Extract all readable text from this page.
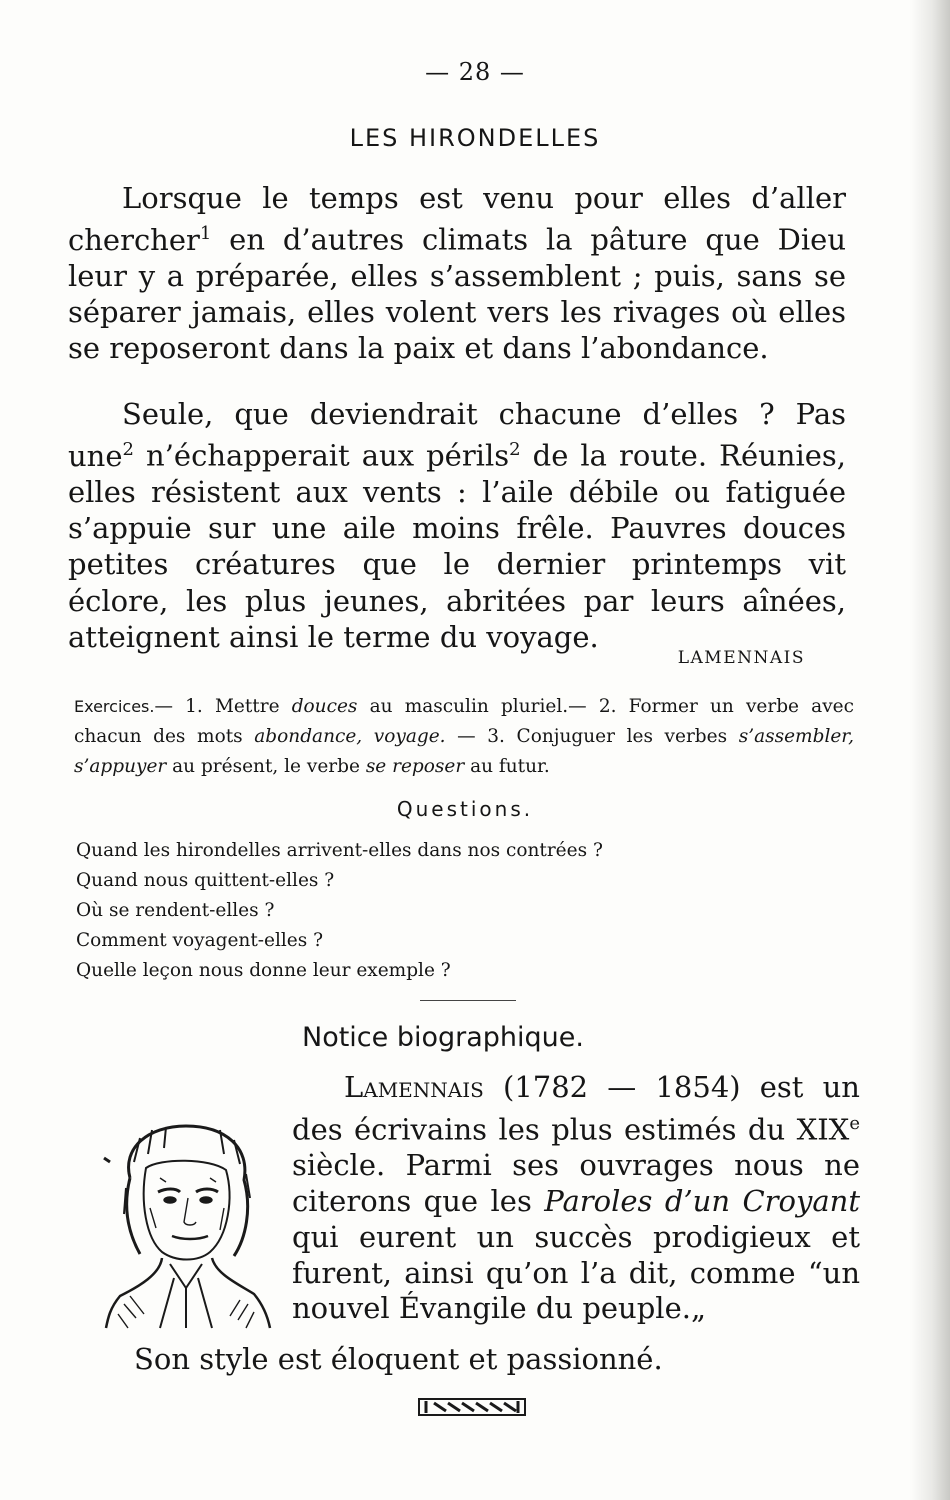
— 28 —
LES HIRONDELLES

Lorsque le temps est venu pour elles d’aller chercher$^1$ en d’autres climats la pâture que Dieu leur y a préparée, elles s’assemblent ; puis, sans se séparer jamais, elles volent vers les rivages où elles se reposeront dans la paix et dans l’abondance.

Seule, que deviendrait chacune d’elles ? Pas une$^2$ n’échapperait aux périls$^2$ de la route. Réunies, elles résistent aux vents : l’aile débile ou fatiguée s’appuie sur une aile moins frêle. Pauvres douces petites créatures que le dernier printemps vit éclore, les plus jeunes, abritées par leurs aînées, atteignent ainsi le terme du voyage.

LAMENNAIS
Exercices.— 1. Mettre douces au masculin pluriel.— 2. Former un verbe avec chacun des mots abondance, voyage. — 3. Conjuguer les verbes s’assembler, s’appuyer au présent, le verbe se reposer au futur.
Questions.
Quand les hirondelles arrivent-elles dans nos contrées ?
Quand nous quittent-elles ?
Où se rendent-elles ?
Comment voyagent-elles ?
Quelle leçon nous donne leur exemple ?
Notice biographique.

Lamennais (1782 — 1854) est un des écrivains les plus estimés du XIXe siècle. Parmi ses ouvrages nous ne citerons que les Paroles d’un Croyant qui eurent un succès prodigieux et furent, ainsi qu’on l’a dit, comme “un nouvel Évangile du peuple.„

Son style est éloquent et passionné.
